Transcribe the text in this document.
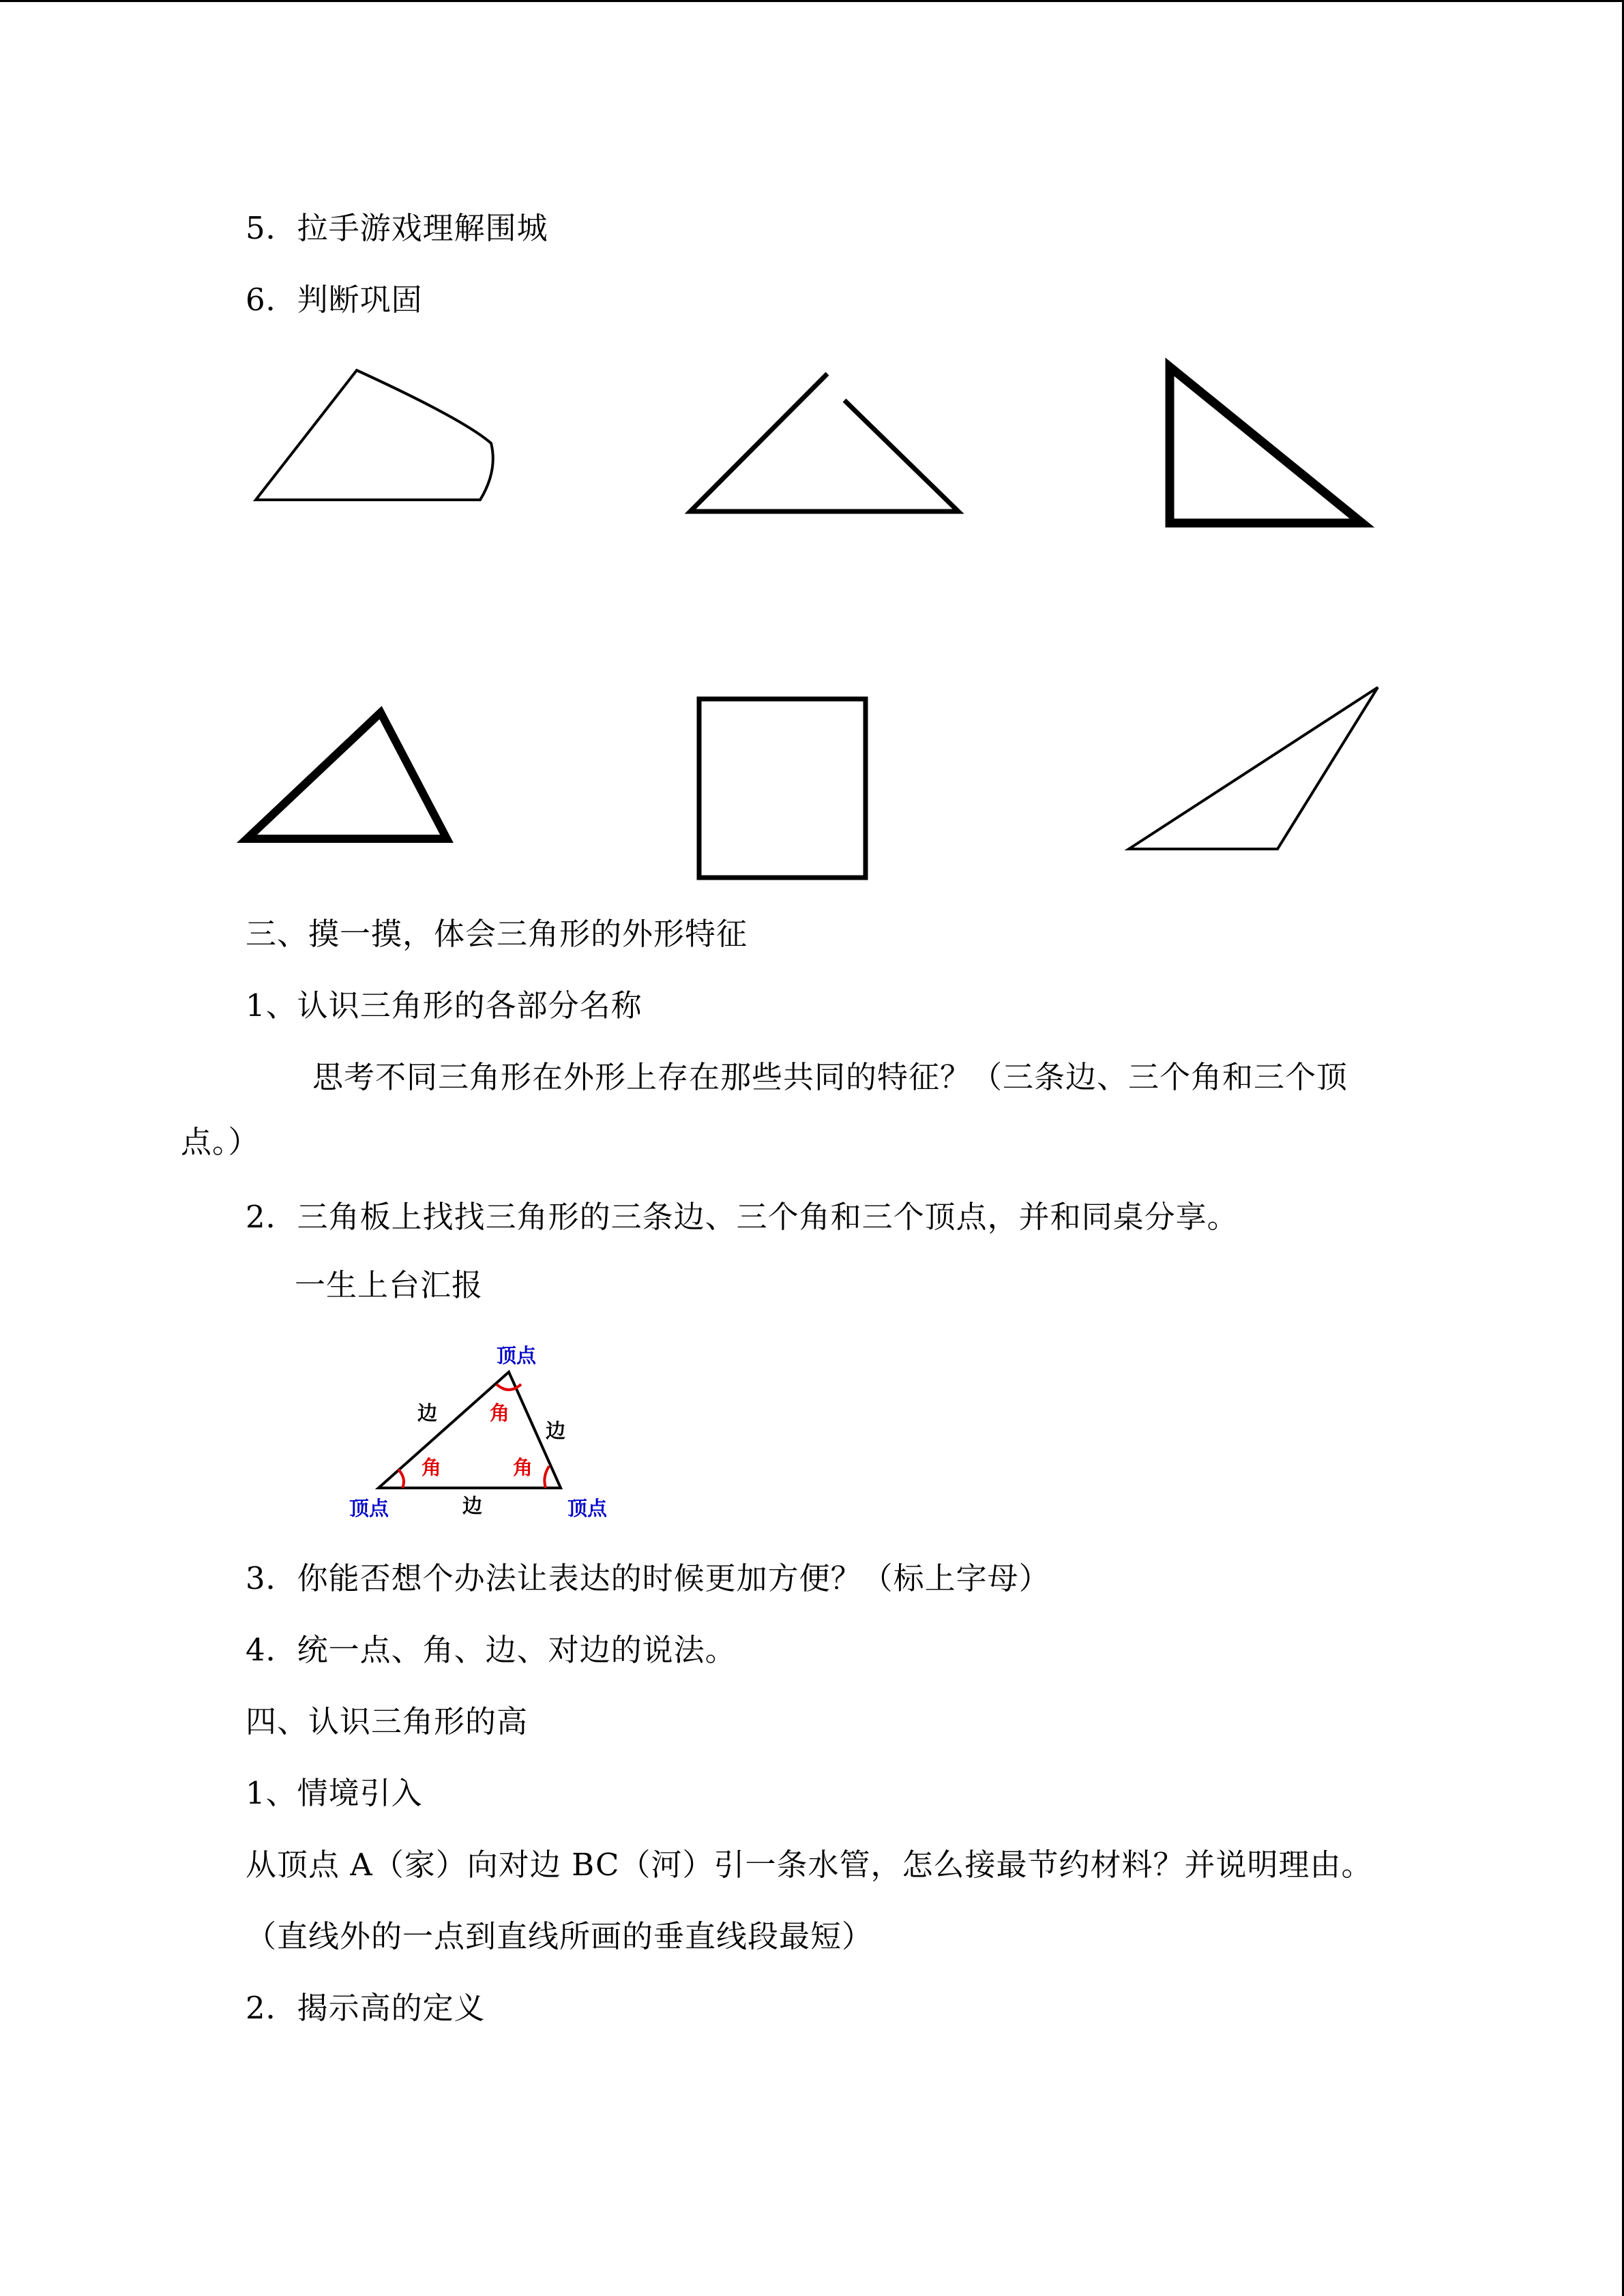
5．拉手游戏理解围城
6．判断巩固
三、摸一摸，体会三角形的外形特征
1、认识三角形的各部分名称
思考不同三角形在外形上存在那些共同的特征？（三条边、三个角和三个顶
点。）
2．三角板上找找三角形的三条边、三个角和三个顶点，并和同桌分享。
一生上台汇报
顶点
顶点	顶点
边
边
边
角
角	角
3．你能否想个办法让表达的时候更加方便？（标上字母）
4．统一点、角、边、对边的说法。
四、认识三角形的高
1、情境引入
从顶点 A（家）向对边 BC（河）引一条水管，怎么接最节约材料？并说明理由。
（直线外的一点到直线所画的垂直线段最短）
2．揭示高的定义
